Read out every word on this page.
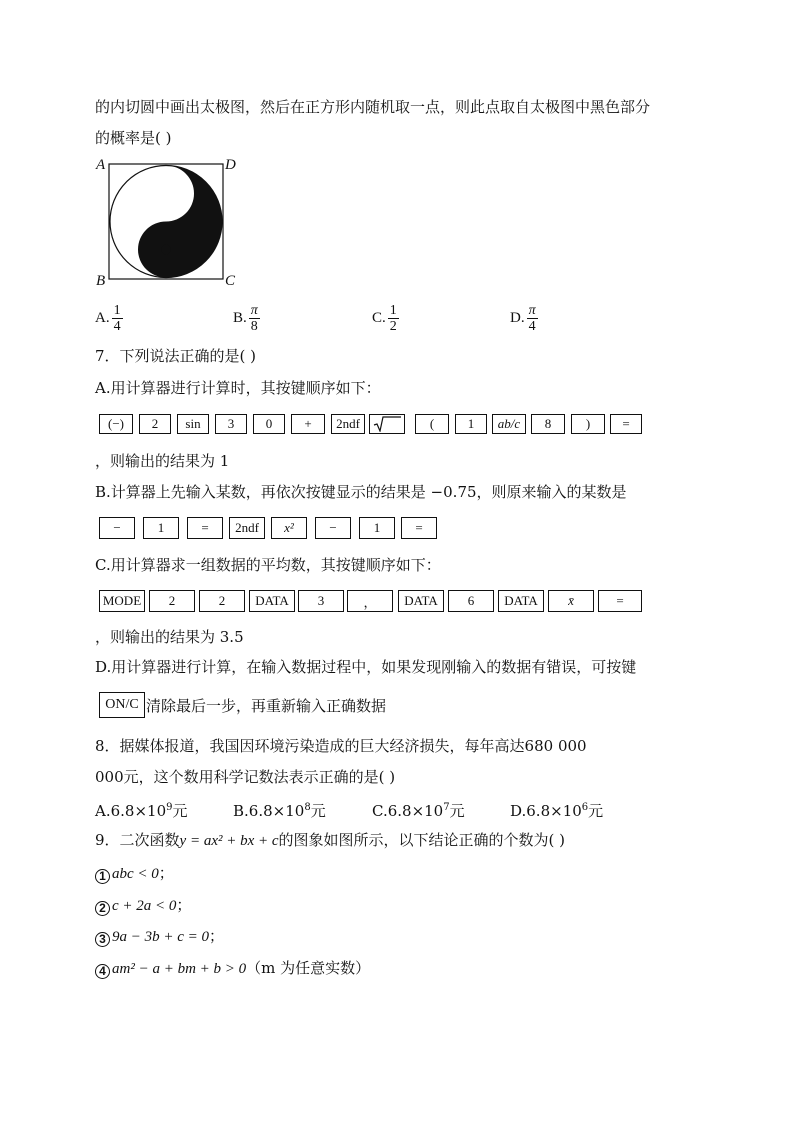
的内切圆中画出太极图，然后在正方形内随机取一点，则此点取自太极图中黑色部分
的概率是( )
A	D
B	C
A. $\frac{1}{4}$	B. $\frac{\pi}{8}$	C. $\frac{1}{2}$	D. $\frac{\pi}{4}$
7．下列说法正确的是( )
A.用计算器进行计算时，其按键顺序如下：
(−)	2	sin	3	0	+	2ndf	(	1	ab/c	8	)	=
，则输出的结果为 1
B.计算器上先输入某数，再依次按键显示的结果是 −0.75，则原来输入的某数是
−	1	=	2ndf	x²	−	1	=
C.用计算器求一组数据的平均数，其按键顺序如下：
MODE	2	2	DATA	3	，	DATA	6	DATA	x̄	=
，则输出的结果为 3.5
D.用计算器进行计算，在输入数据过程中，如果发现刚输入的数据有错误，可按键
ON/C 清除最后一步，再重新输入正确数据
8．据媒体报道，我国因环境污染造成的巨大经济损失，每年高达680 000
000元，这个数用科学记数法表示正确的是( )
$A.6.8\times 10^9$元	$B.6.8\times 10^8$元	$C.6.8\times 10^7$元	$D.6.8\times 10^6$元
9．二次函数y = ax² + bx + c的图象如图所示，以下结论正确的个数为( )
1 abc < 0；
2 c + 2a < 0；
3 9a − 3b + c = 0；
4 am² − a + bm + b > 0（m 为任意实数）
